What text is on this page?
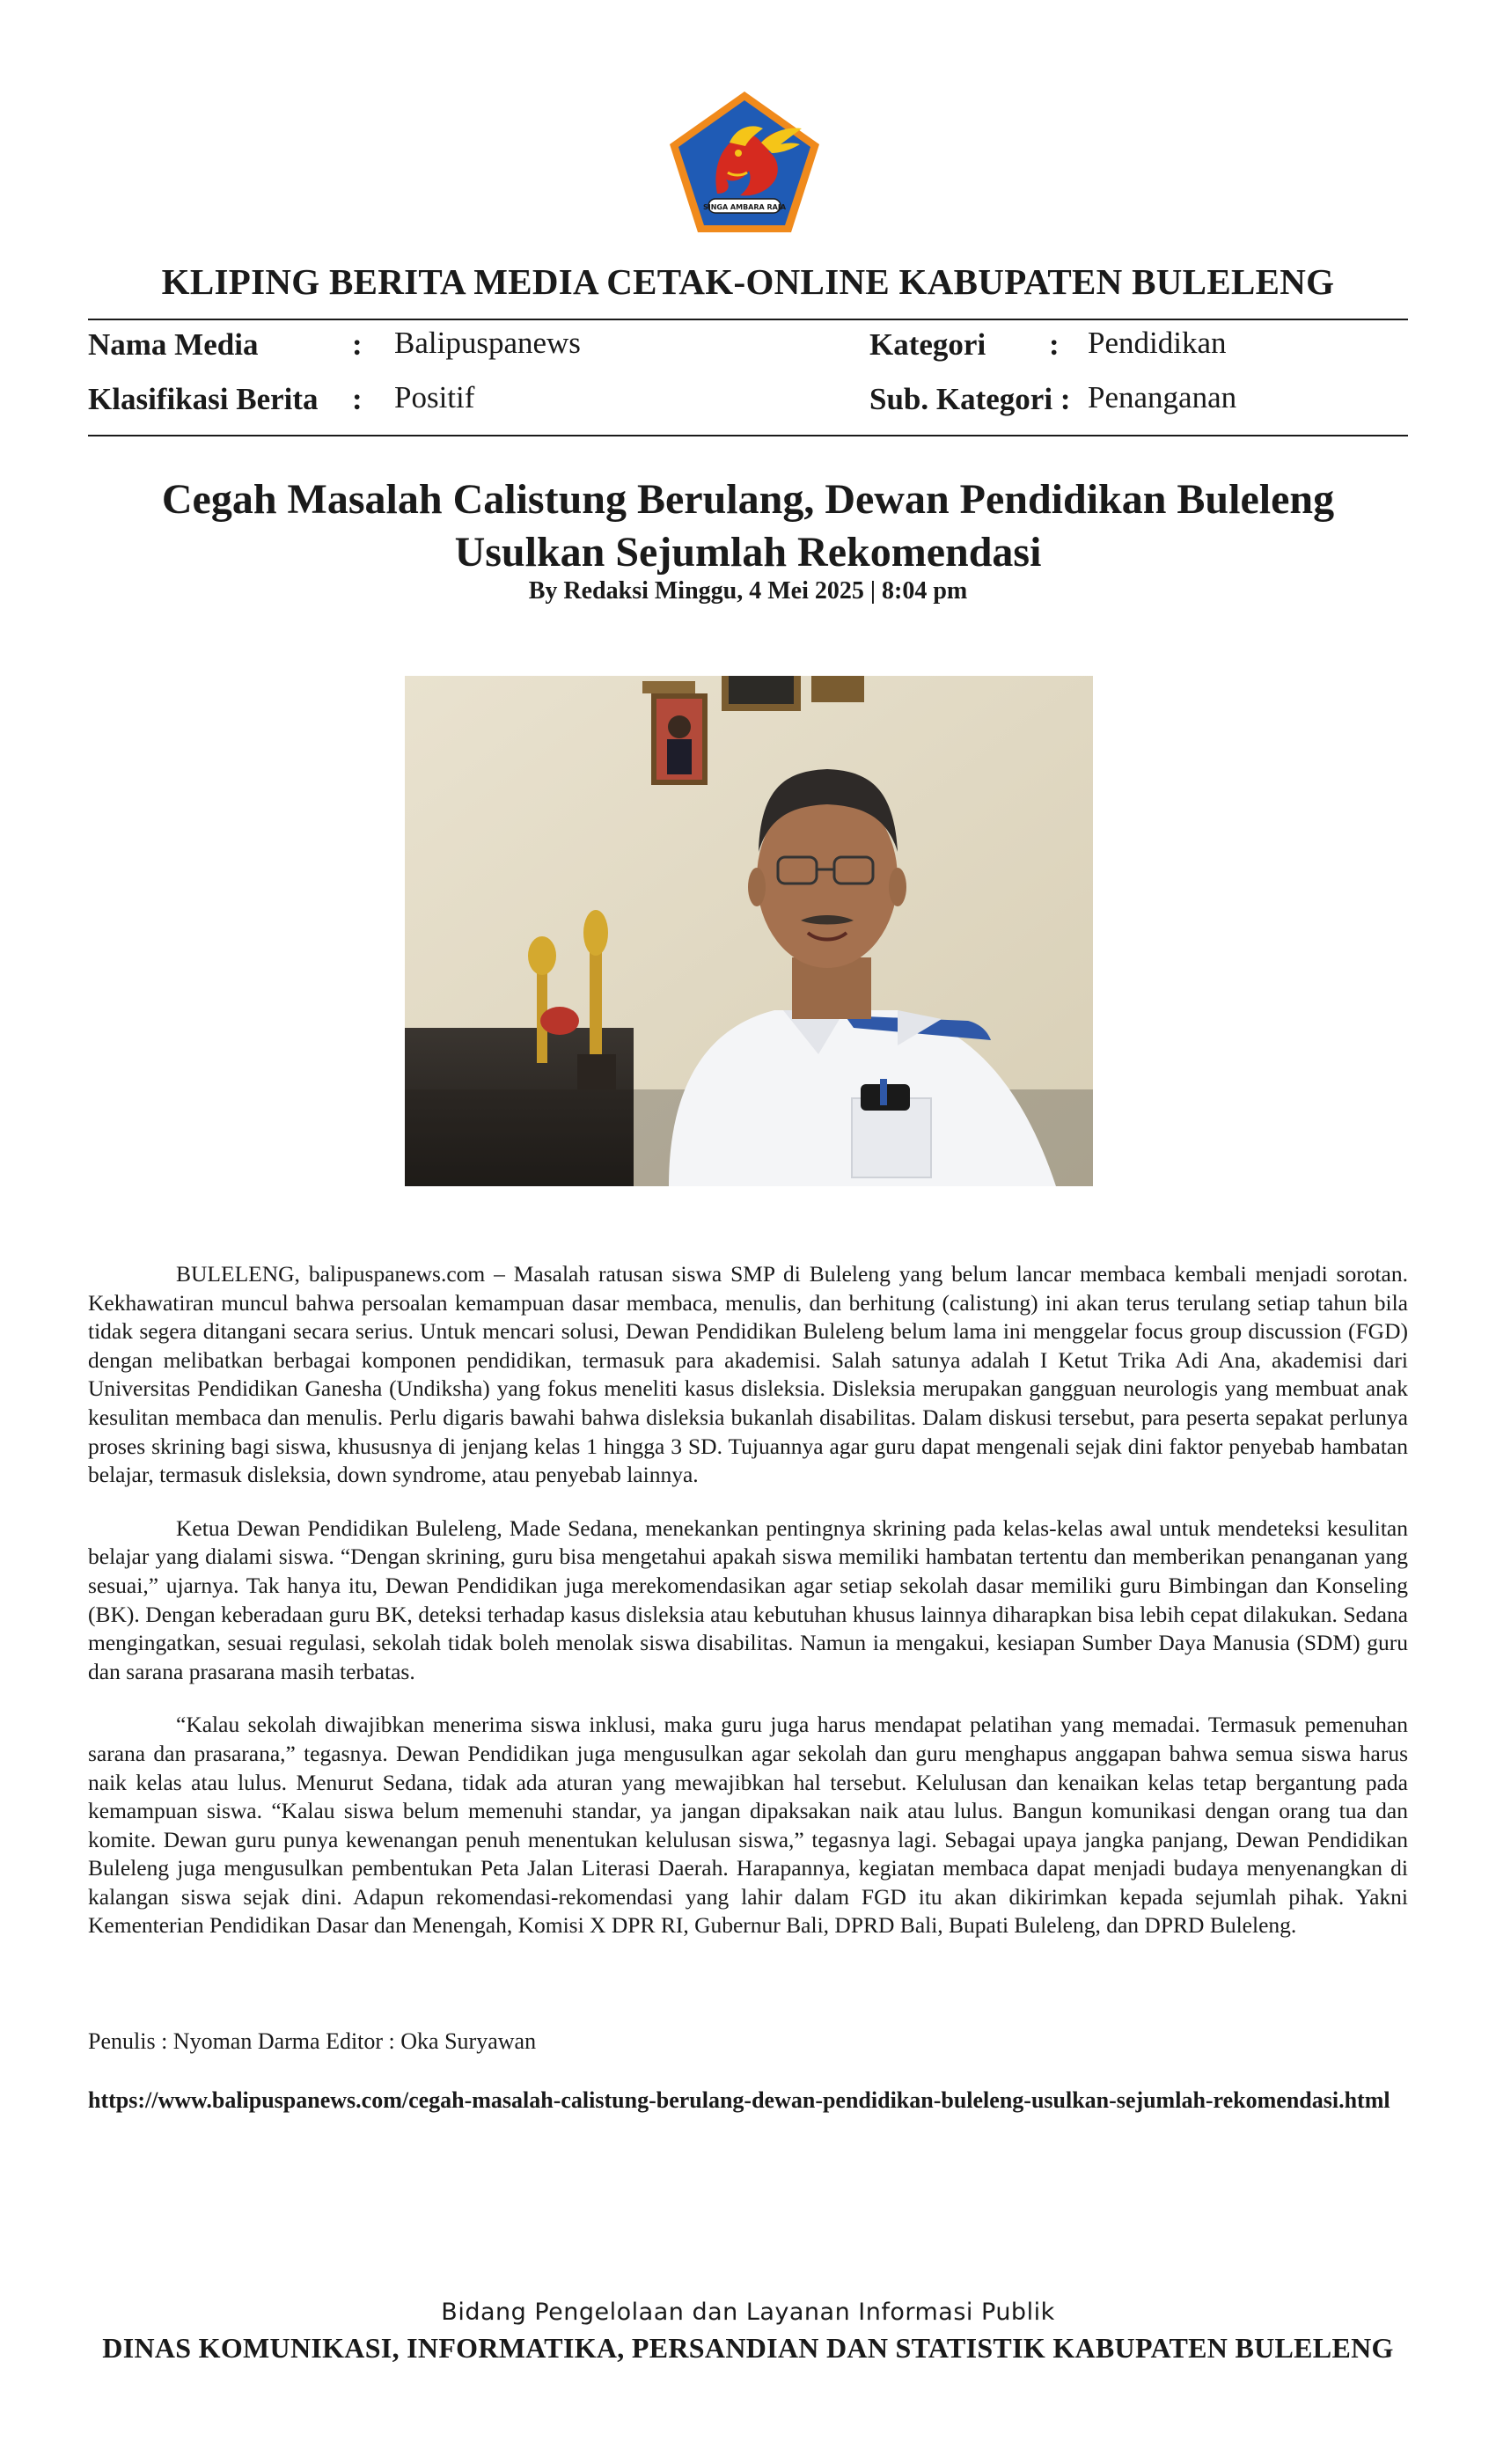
SINGA AMBARA RAJA
KLIPING BERITA MEDIA CETAK-ONLINE KABUPATEN BULELENG
Nama Media	: Balipuspanews
Klasifikasi Berita : Positif
Kategori : Pendidikan
Sub. Kategori : Penanganan
Cegah Masalah Calistung Berulang, Dewan Pendidikan Buleleng
Usulkan Sejumlah Rekomendasi
By Redaksi Minggu, 4 Mei 2025 | 8:04 pm

BULELENG, balipuspanews.com – Masalah ratusan siswa SMP di Buleleng yang belum lancar membaca kembali menjadi sorotan. Kekhawatiran muncul bahwa persoalan kemampuan dasar membaca, menulis, dan berhitung (calistung) ini akan terus terulang setiap tahun bila tidak segera ditangani secara serius. Untuk mencari solusi, Dewan Pendidikan Buleleng belum lama ini menggelar focus group discussion (FGD) dengan melibatkan berbagai komponen pendidikan, termasuk para akademisi. Salah satunya adalah I Ketut Trika Adi Ana, akademisi dari Universitas Pendidikan Ganesha (Undiksha) yang fokus meneliti kasus disleksia. Disleksia merupakan gangguan neurologis yang membuat anak kesulitan membaca dan menulis. Perlu digaris bawahi bahwa disleksia bukanlah disabilitas. Dalam diskusi tersebut, para peserta sepakat perlunya proses skrining bagi siswa, khususnya di jenjang kelas 1 hingga 3 SD. Tujuannya agar guru dapat mengenali sejak dini faktor penyebab hambatan belajar, termasuk disleksia, down syndrome, atau penyebab lainnya.

Ketua Dewan Pendidikan Buleleng, Made Sedana, menekankan pentingnya skrining pada kelas-kelas awal untuk mendeteksi kesulitan belajar yang dialami siswa. “Dengan skrining, guru bisa mengetahui apakah siswa memiliki hambatan tertentu dan memberikan penanganan yang sesuai,” ujarnya. Tak hanya itu, Dewan Pendidikan juga merekomendasikan agar setiap sekolah dasar memiliki guru Bimbingan dan Konseling (BK). Dengan keberadaan guru BK, deteksi terhadap kasus disleksia atau kebutuhan khusus lainnya diharapkan bisa lebih cepat dilakukan. Sedana mengingatkan, sesuai regulasi, sekolah tidak boleh menolak siswa disabilitas. Namun ia mengakui, kesiapan Sumber Daya Manusia (SDM) guru dan sarana prasarana masih terbatas.

“Kalau sekolah diwajibkan menerima siswa inklusi, maka guru juga harus mendapat pelatihan yang memadai. Termasuk pemenuhan sarana dan prasarana,” tegasnya. Dewan Pendidikan juga mengusulkan agar sekolah dan guru menghapus anggapan bahwa semua siswa harus naik kelas atau lulus. Menurut Sedana, tidak ada aturan yang mewajibkan hal tersebut. Kelulusan dan kenaikan kelas tetap bergantung pada kemampuan siswa. “Kalau siswa belum memenuhi standar, ya jangan dipaksakan naik atau lulus. Bangun komunikasi dengan orang tua dan komite. Dewan guru punya kewenangan penuh menentukan kelulusan siswa,” tegasnya lagi. Sebagai upaya jangka panjang, Dewan Pendidikan Buleleng juga mengusulkan pembentukan Peta Jalan Literasi Daerah. Harapannya, kegiatan membaca dapat menjadi budaya menyenangkan di kalangan siswa sejak dini. Adapun rekomendasi-rekomendasi yang lahir dalam FGD itu akan dikirimkan kepada sejumlah pihak. Yakni Kementerian Pendidikan Dasar dan Menengah, Komisi X DPR RI, Gubernur Bali, DPRD Bali, Bupati Buleleng, dan DPRD Buleleng.

Penulis : Nyoman Darma Editor : Oka Suryawan
https://www.balipuspanews.com/cegah-masalah-calistung-berulang-dewan-pendidikan-buleleng-usulkan-sejumlah-rekomendasi.html
Bidang Pengelolaan dan Layanan Informasi Publik
DINAS KOMUNIKASI, INFORMATIKA, PERSANDIAN DAN STATISTIK KABUPATEN BULELENG
